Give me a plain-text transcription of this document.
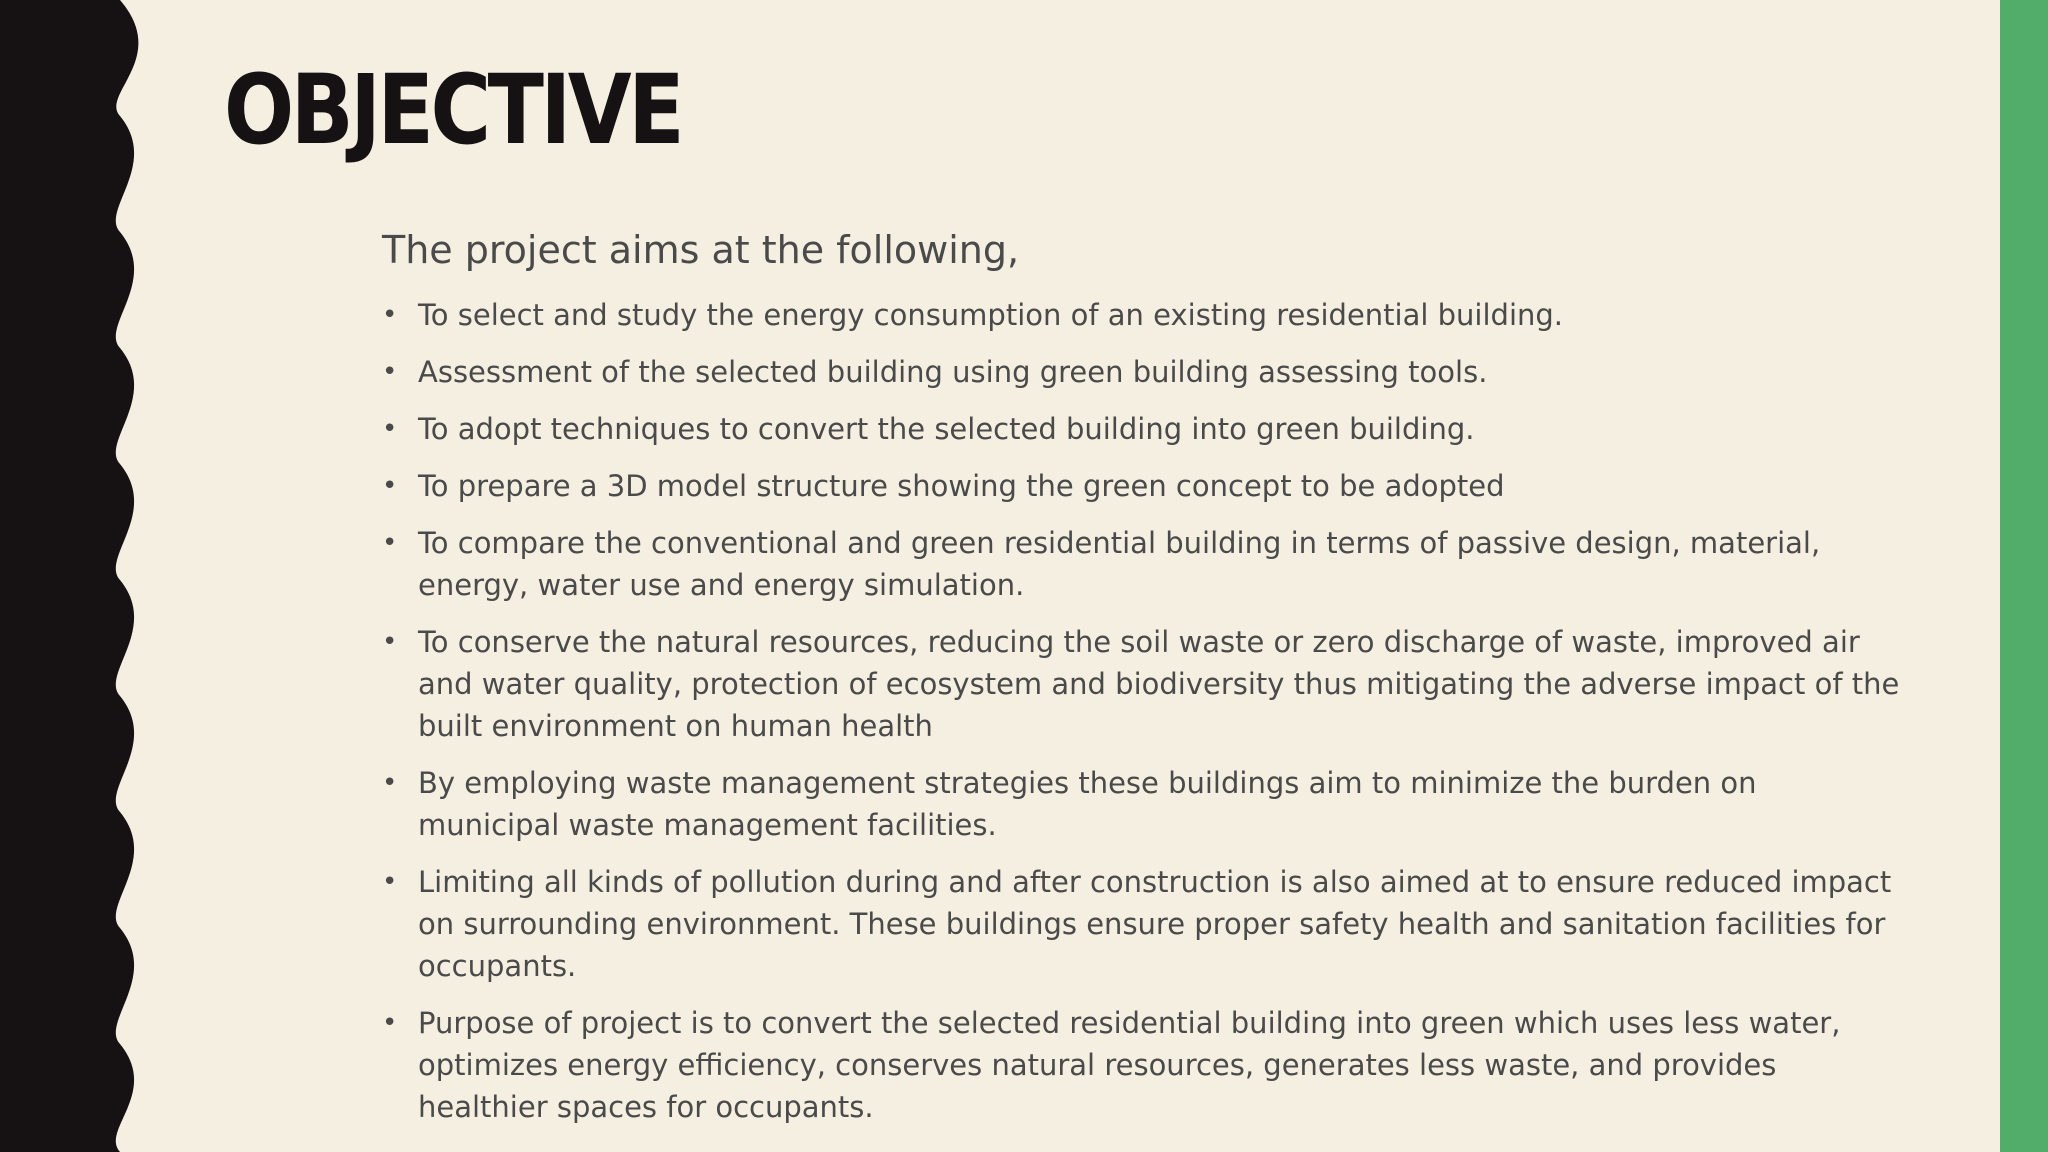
OBJECTIVE

The project aims at the following,

• To select and study the energy consumption of an existing residential building.
• Assessment of the selected building using green building assessing tools.
• To adopt techniques to convert the selected building into green building.
• To prepare a 3D model structure showing the green concept to be adopted
• To compare the conventional and green residential building in terms of passive design, material, energy, water use and energy simulation.
• To conserve the natural resources, reducing the soil waste or zero discharge of waste, improved air and water quality, protection of ecosystem and biodiversity thus mitigating the adverse impact of the built environment on human health
• By employing waste management strategies these buildings aim to minimize the burden on municipal waste management facilities.
• Limiting all kinds of pollution during and after construction is also aimed at to ensure reduced impact on surrounding environment. These buildings ensure proper safety health and sanitation facilities for occupants.
• Purpose of project is to convert the selected residential building into green which uses less water, optimizes energy efficiency, conserves natural resources, generates less waste, and provides healthier spaces for occupants.
